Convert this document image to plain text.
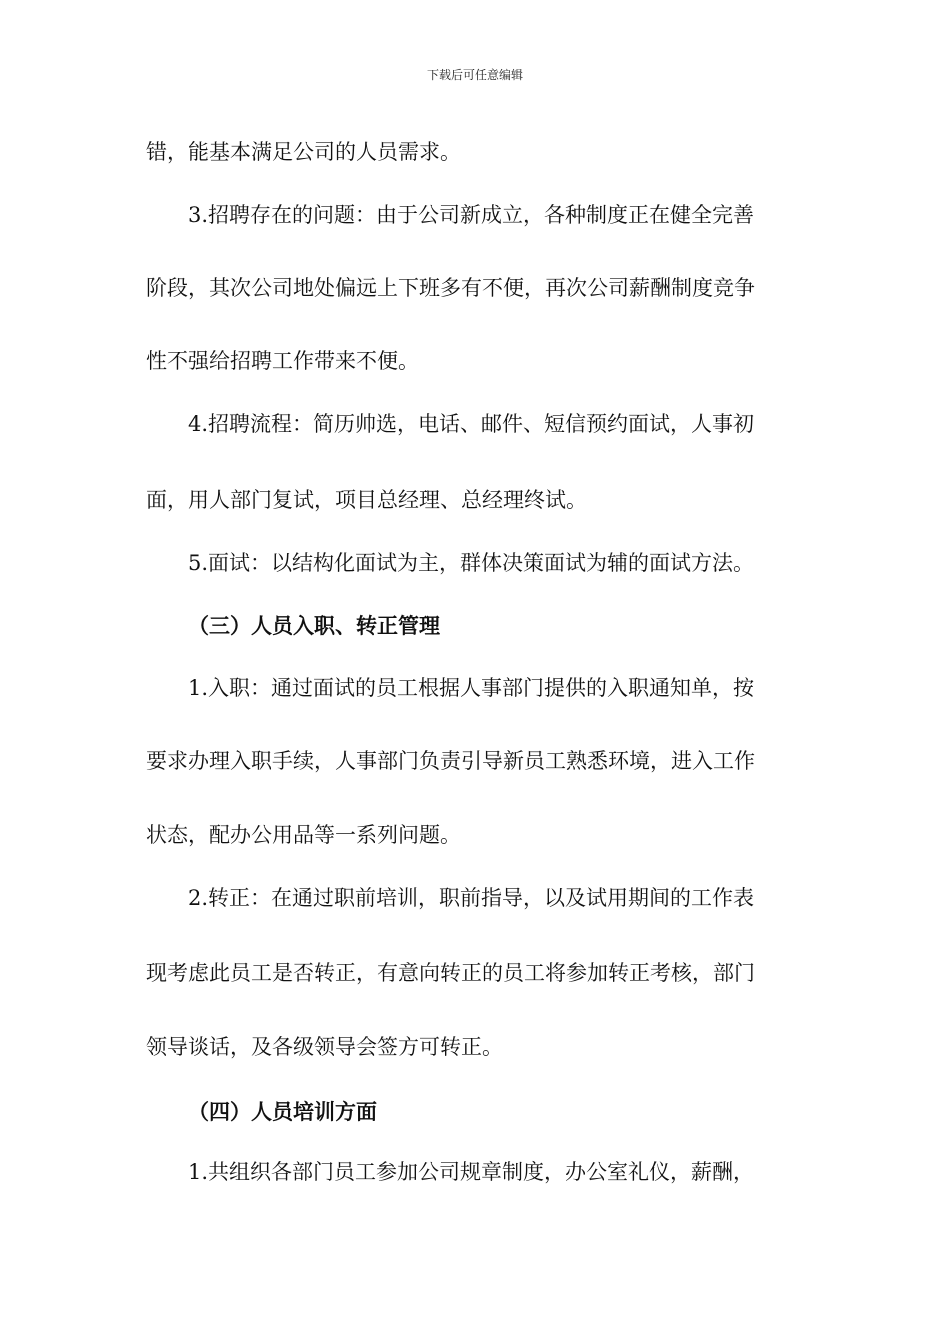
下载后可任意编辑
错，能基本满足公司的人员需求。
3.招聘存在的问题：由于公司新成立，各种制度正在健全完善
阶段，其次公司地处偏远上下班多有不便，再次公司薪酬制度竞争
性不强给招聘工作带来不便。
4.招聘流程：简历帅选，电话、邮件、短信预约面试，人事初
面，用人部门复试，项目总经理、总经理终试。
5.面试：以结构化面试为主，群体决策面试为辅的面试方法。
（三）人员入职、转正管理
1.入职：通过面试的员工根据人事部门提供的入职通知单，按
要求办理入职手续，人事部门负责引导新员工熟悉环境，进入工作
状态，配办公用品等一系列问题。
2.转正：在通过职前培训，职前指导，以及试用期间的工作表
现考虑此员工是否转正，有意向转正的员工将参加转正考核，部门
领导谈话，及各级领导会签方可转正。
（四）人员培训方面
1.共组织各部门员工参加公司规章制度，办公室礼仪，薪酬，
